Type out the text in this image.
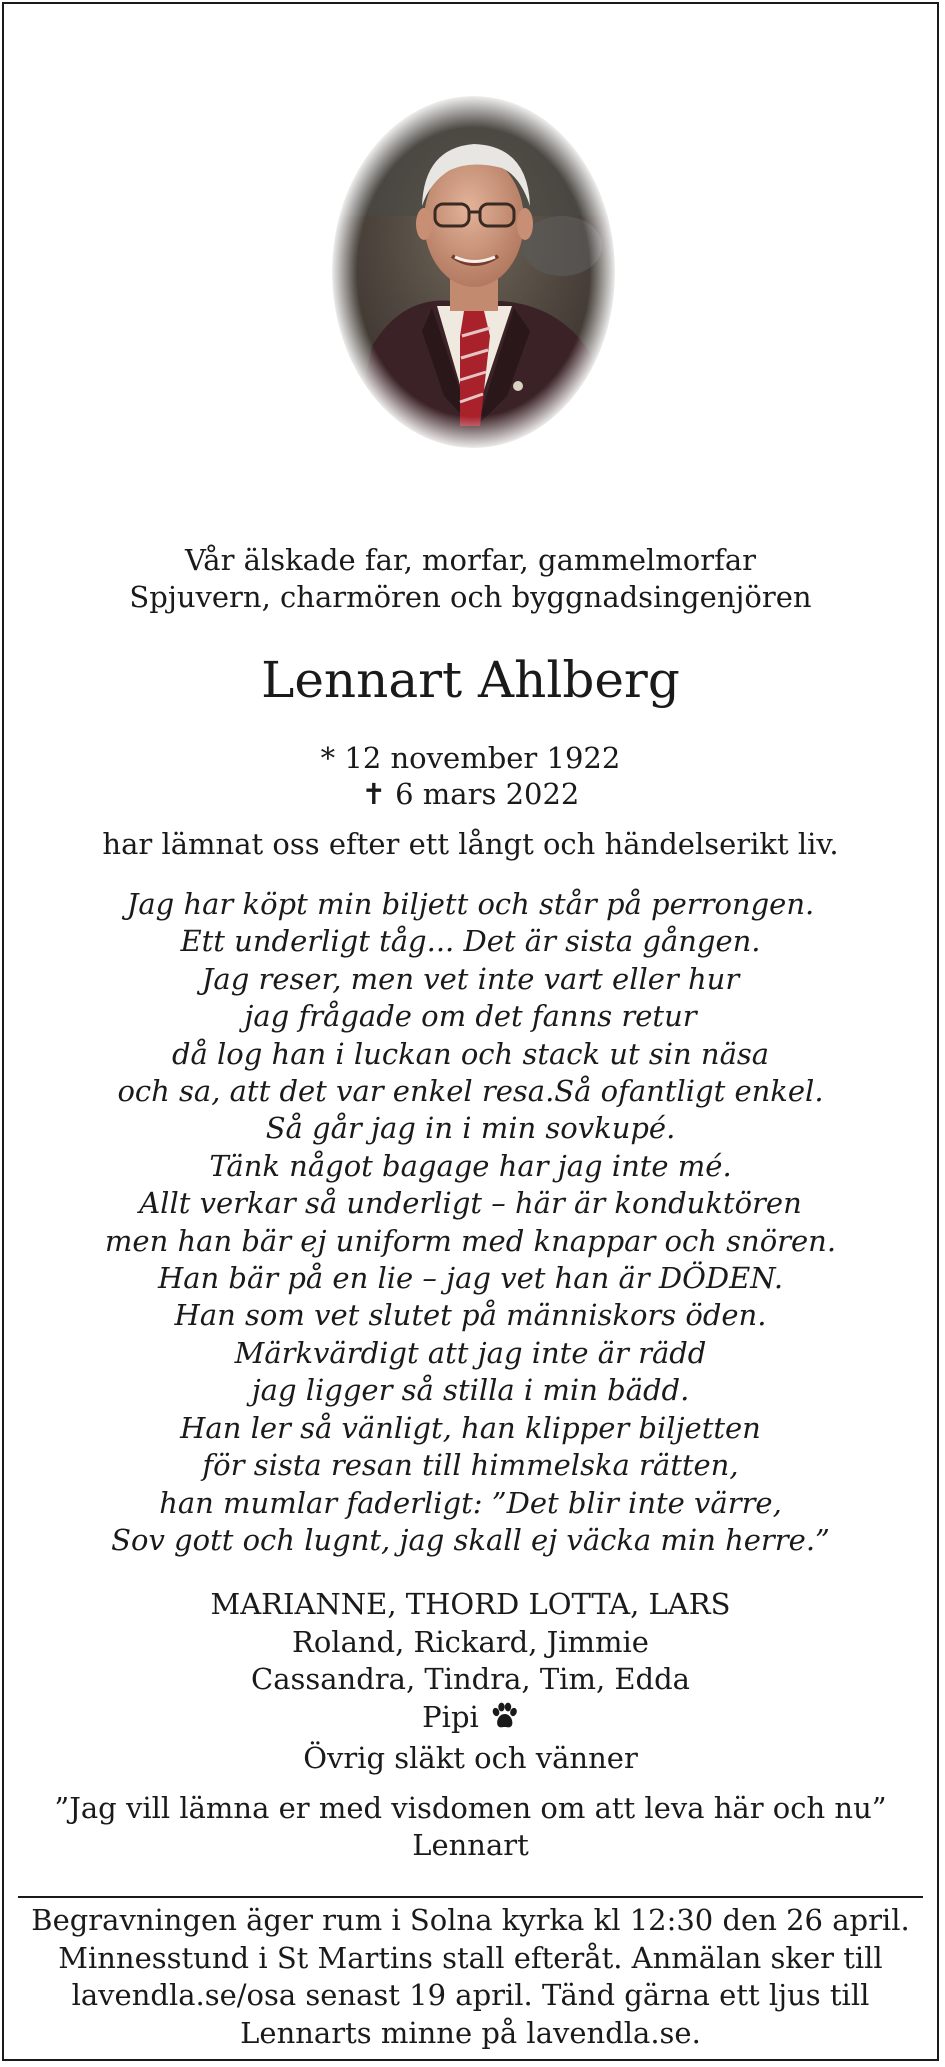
Vår älskade far, morfar, gammelmorfar
Spjuvern, charmören och byggnadsingenjören
Lennart Ahlberg
* 12 november 1922
✝ 6 mars 2022
har lämnat oss efter ett långt och händelserikt liv.
Jag har köpt min biljett och står på perrongen.
Ett underligt tåg... Det är sista gången.
Jag reser, men vet inte vart eller hur
jag frågade om det fanns retur
då log han i luckan och stack ut sin näsa
och sa, att det var enkel resa.Så ofantligt enkel.
Så går jag in i min sovkupé.
Tänk något bagage har jag inte mé.
Allt verkar så underligt – här är konduktören
men han bär ej uniform med knappar och snören.
Han bär på en lie – jag vet han är DÖDEN.
Han som vet slutet på människors öden.
Märkvärdigt att jag inte är rädd
jag ligger så stilla i min bädd.
Han ler så vänligt, han klipper biljetten
för sista resan till himmelska rätten,
han mumlar faderligt: ”Det blir inte värre,
Sov gott och lugnt, jag skall ej väcka min herre.”
MARIANNE, THORD LOTTA, LARS
Roland, Rickard, Jimmie
Cassandra, Tindra, Tim, Edda
Pipi
Övrig släkt och vänner
”Jag vill lämna er med visdomen om att leva här och nu”
Lennart
Begravningen äger rum i Solna kyrka kl 12:30 den 26 april.
Minnesstund i St Martins stall efteråt. Anmälan sker till
lavendla.se/osa senast 19 april. Tänd gärna ett ljus till
Lennarts minne på lavendla.se.
